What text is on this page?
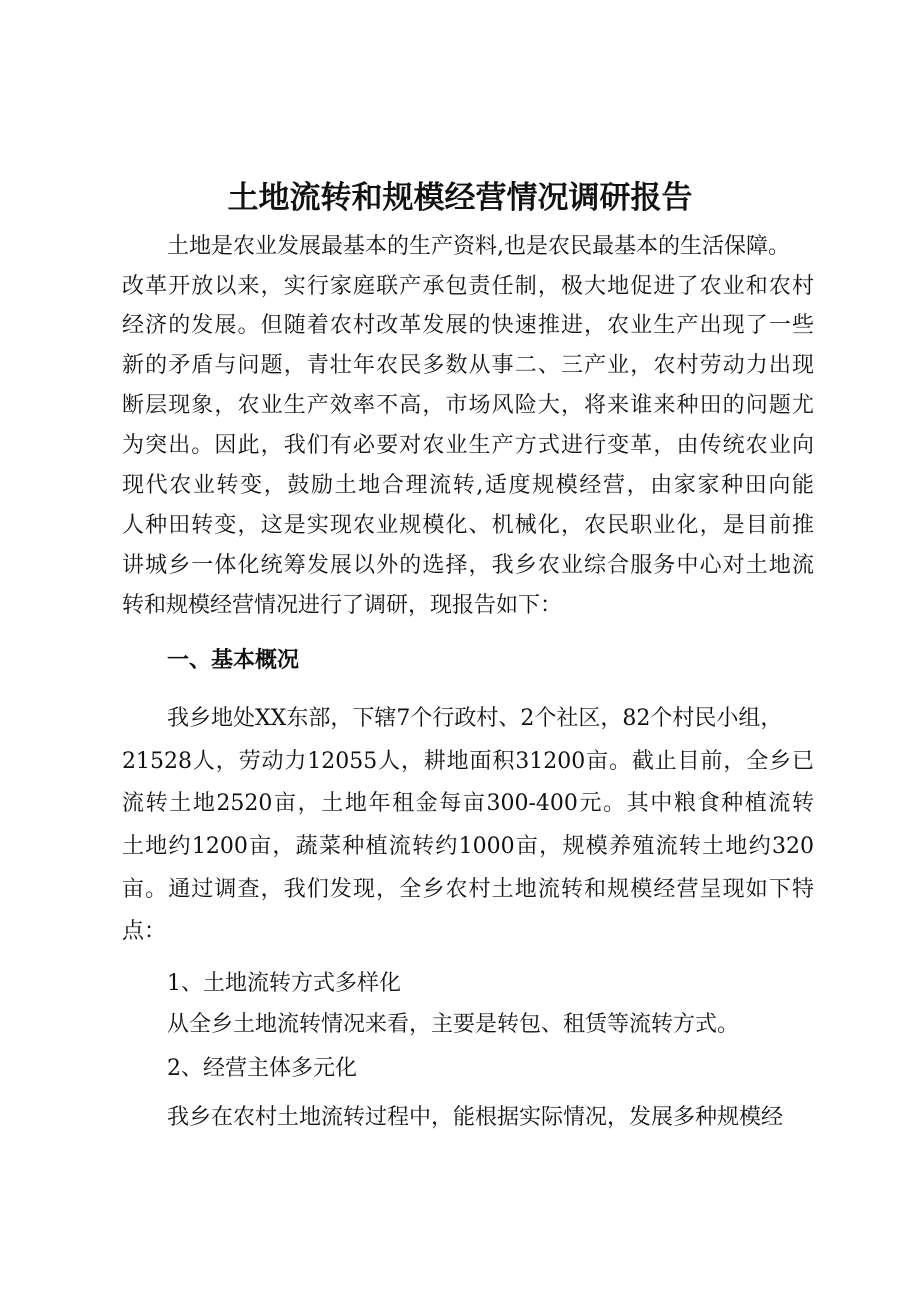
土地流转和规模经营情况调研报告

土地是农业发展最基本的生产资料,也是农民最基本的生活保障。

改革开放以来，实行家庭联产承包责任制，极大地促进了农业和农村

经济的发展。但随着农村改革发展的快速推进，农业生产出现了一些

新的矛盾与问题，青壮年农民多数从事二、三产业，农村劳动力出现

断层现象，农业生产效率不高，市场风险大，将来谁来种田的问题尤

为突出。因此，我们有必要对农业生产方式进行变革，由传统农业向

现代农业转变，鼓励土地合理流转,适度规模经营，由家家种田向能

人种田转变，这是实现农业规模化、机械化，农民职业化，是目前推

讲城乡一体化统筹发展以外的选择，我乡农业综合服务中心对土地流

转和规模经营情况进行了调研，现报告如下：

一、基本概况

我乡地处XX东部，下辖7个行政村、2个社区，82个村民小组，

21528人，劳动力12055人，耕地面积31200亩。截止目前，全乡已

流转土地2520亩，土地年租金每亩300-400元。其中粮食种植流转

土地约1200亩，蔬菜种植流转约1000亩，规模养殖流转土地约320

亩。通过调查，我们发现，全乡农村土地流转和规模经营呈现如下特

点：

1、土地流转方式多样化

从全乡土地流转情况来看，主要是转包、租赁等流转方式。

2、经营主体多元化

我乡在农村土地流转过程中，能根据实际情况，发展多种规模经
